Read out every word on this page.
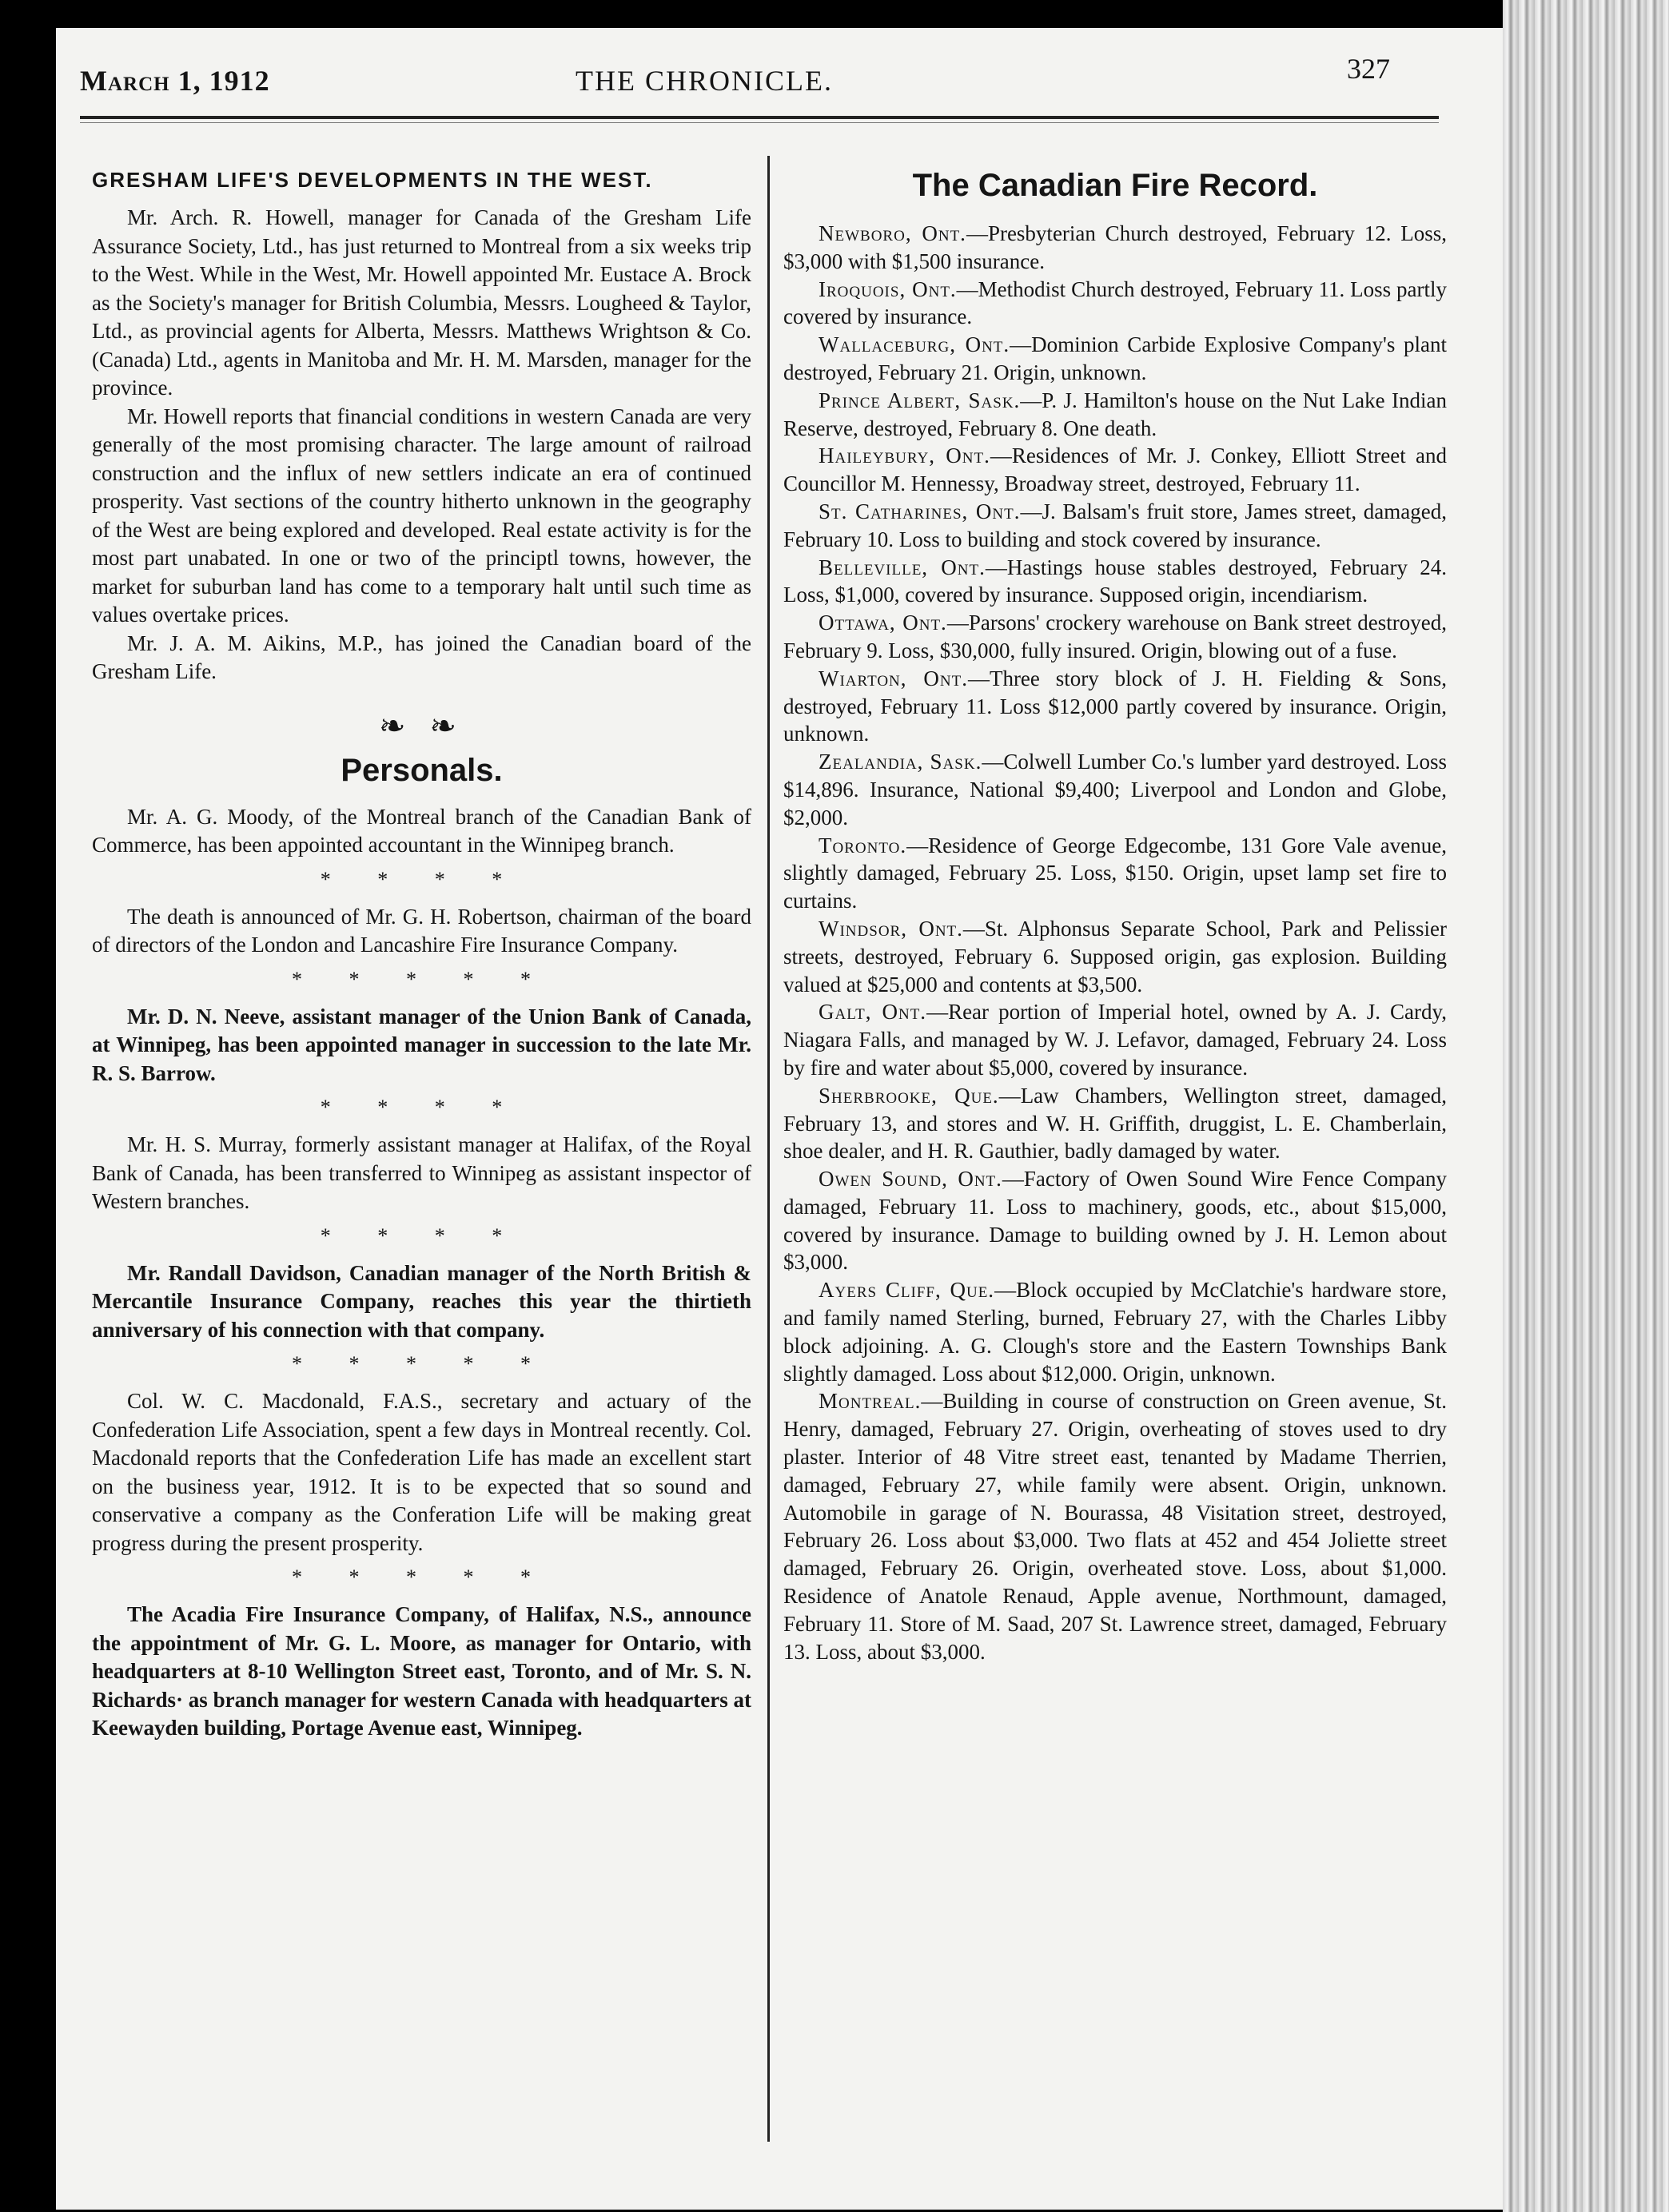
March 1, 1912	THE CHRONICLE.	327
GRESHAM LIFE'S DEVELOPMENTS IN THE WEST.

Mr. Arch. R. Howell, manager for Canada of the Gresham Life Assurance Society, Ltd., has just returned to Montreal from a six weeks trip to the West. While in the West, Mr. Howell appointed Mr. Eustace A. Brock as the Society's manager for British Columbia, Messrs. Lougheed & Taylor, Ltd., as provincial agents for Alberta, Messrs. Matthews Wrightson & Co. (Canada) Ltd., agents in Manitoba and Mr. H. M. Marsden, manager for the province.

Mr. Howell reports that financial conditions in western Canada are very generally of the most promising character. The large amount of railroad construction and the influx of new settlers indicate an era of continued prosperity. Vast sections of the country hitherto unknown in the geography of the West are being explored and developed. Real estate activity is for the most part unabated. In one or two of the principtl towns, however, the market for suburban land has come to a temporary halt until such time as values overtake prices.

Mr. J. A. M. Aikins, M.P., has joined the Canadian board of the Gresham Life.

❧ ❧
Personals.

Mr. A. G. Moody, of the Montreal branch of the Canadian Bank of Commerce, has been appointed accountant in the Winnipeg branch.

* * * *

The death is announced of Mr. G. H. Robertson, chairman of the board of directors of the London and Lancashire Fire Insurance Company.

* * * * *

Mr. D. N. Neeve, assistant manager of the Union Bank of Canada, at Winnipeg, has been appointed manager in succession to the late Mr. R. S. Barrow.

* * * *

Mr. H. S. Murray, formerly assistant manager at Halifax, of the Royal Bank of Canada, has been transferred to Winnipeg as assistant inspector of Western branches.

* * * *

Mr. Randall Davidson, Canadian manager of the North British & Mercantile Insurance Company, reaches this year the thirtieth anniversary of his connection with that company.

* * * * *

Col. W. C. Macdonald, F.A.S., secretary and actuary of the Confederation Life Association, spent a few days in Montreal recently. Col. Macdonald reports that the Confederation Life has made an excellent start on the business year, 1912. It is to be expected that so sound and conservative a company as the Conferation Life will be making great progress during the present prosperity.

* * * * *

The Acadia Fire Insurance Company, of Halifax, N.S., announce the appointment of Mr. G. L. Moore, as manager for Ontario, with headquarters at 8-10 Wellington Street east, Toronto, and of Mr. S. N. Richards· as branch manager for western Canada with headquarters at Keewayden building, Portage Avenue east, Winnipeg.

The Canadian Fire Record.

Newboro, Ont.—Presbyterian Church destroyed, February 12. Loss, $3,000 with $1,500 insurance.

Iroquois, Ont.—Methodist Church destroyed, February 11. Loss partly covered by insurance.

Wallaceburg, Ont.—Dominion Carbide Explosive Company's plant destroyed, February 21. Origin, unknown.

Prince Albert, Sask.—P. J. Hamilton's house on the Nut Lake Indian Reserve, destroyed, February 8. One death.

Haileybury, Ont.—Residences of Mr. J. Conkey, Elliott Street and Councillor M. Hennessy, Broadway street, destroyed, February 11.

St. Catharines, Ont.—J. Balsam's fruit store, James street, damaged, February 10. Loss to building and stock covered by insurance.

Belleville, Ont.—Hastings house stables destroyed, February 24. Loss, $1,000, covered by insurance. Supposed origin, incendiarism.

Ottawa, Ont.—Parsons' crockery warehouse on Bank street destroyed, February 9. Loss, $30,000, fully insured. Origin, blowing out of a fuse.

Wiarton, Ont.—Three story block of J. H. Fielding & Sons, destroyed, February 11. Loss $12,000 partly covered by insurance. Origin, unknown.

Zealandia, Sask.—Colwell Lumber Co.'s lumber yard destroyed. Loss $14,896. Insurance, National $9,400; Liverpool and London and Globe, $2,000.

Toronto.—Residence of George Edgecombe, 131 Gore Vale avenue, slightly damaged, February 25. Loss, $150. Origin, upset lamp set fire to curtains.

Windsor, Ont.—St. Alphonsus Separate School, Park and Pelissier streets, destroyed, February 6. Supposed origin, gas explosion. Building valued at $25,000 and contents at $3,500.

Galt, Ont.—Rear portion of Imperial hotel, owned by A. J. Cardy, Niagara Falls, and managed by W. J. Lefavor, damaged, February 24. Loss by fire and water about $5,000, covered by insurance.

Sherbrooke, Que.—Law Chambers, Wellington street, damaged, February 13, and stores and W. H. Griffith, druggist, L. E. Chamberlain, shoe dealer, and H. R. Gauthier, badly damaged by water.

Owen Sound, Ont.—Factory of Owen Sound Wire Fence Company damaged, February 11. Loss to machinery, goods, etc., about $15,000, covered by insurance. Damage to building owned by J. H. Lemon about $3,000.

Ayers Cliff, Que.—Block occupied by McClatchie's hardware store, and family named Sterling, burned, February 27, with the Charles Libby block adjoining. A. G. Clough's store and the Eastern Townships Bank slightly damaged. Loss about $12,000. Origin, unknown.

Montreal.—Building in course of construction on Green avenue, St. Henry, damaged, February 27. Origin, overheating of stoves used to dry plaster. Interior of 48 Vitre street east, tenanted by Madame Therrien, damaged, February 27, while family were absent. Origin, unknown. Automobile in garage of N. Bourassa, 48 Visitation street, destroyed, February 26. Loss about $3,000. Two flats at 452 and 454 Joliette street damaged, February 26. Origin, overheated stove. Loss, about $1,000. Residence of Anatole Renaud, Apple avenue, Northmount, damaged, February 11. Store of M. Saad, 207 St. Lawrence street, damaged, February 13. Loss, about $3,000.
